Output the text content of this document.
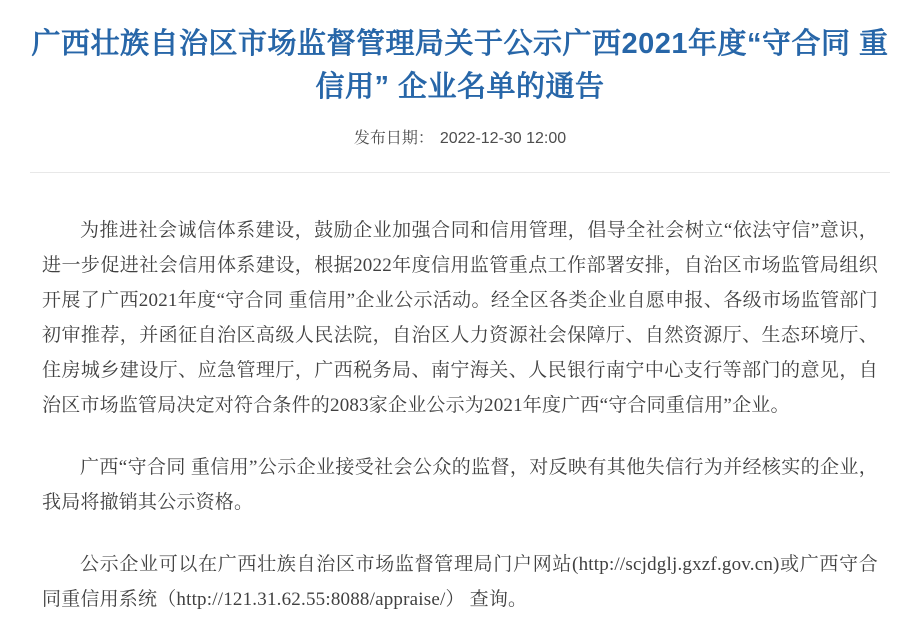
广西壮族自治区市场监督管理局关于公示广西2021年度“守合同 重信用” 企业名单的通告
发布日期： 2022-12-30 12:00

为推进社会诚信体系建设，鼓励企业加强合同和信用管理，倡导全社会树立“依法守信”意识，进一步促进社会信用体系建设，根据2022年度信用监管重点工作部署安排，自治区市场监管局组织开展了广西2021年度“守合同 重信用”企业公示活动。经全区各类企业自愿申报、各级市场监管部门初审推荐，并函征自治区高级人民法院，自治区人力资源社会保障厅、自然资源厅、生态环境厅、住房城乡建设厅、应急管理厅，广西税务局、南宁海关、人民银行南宁中心支行等部门的意见，自治区市场监管局决定对符合条件的2083家企业公示为2021年度广西“守合同重信用”企业。

广西“守合同 重信用”公示企业接受社会公众的监督，对反映有其他失信行为并经核实的企业，我局将撤销其公示资格。

公示企业可以在广西壮族自治区市场监督管理局门户网站(http://scjdglj.gxzf.gov.cn)或广西守合同重信用系统（http://121.31.62.55:8088/appraise/） 查询。
